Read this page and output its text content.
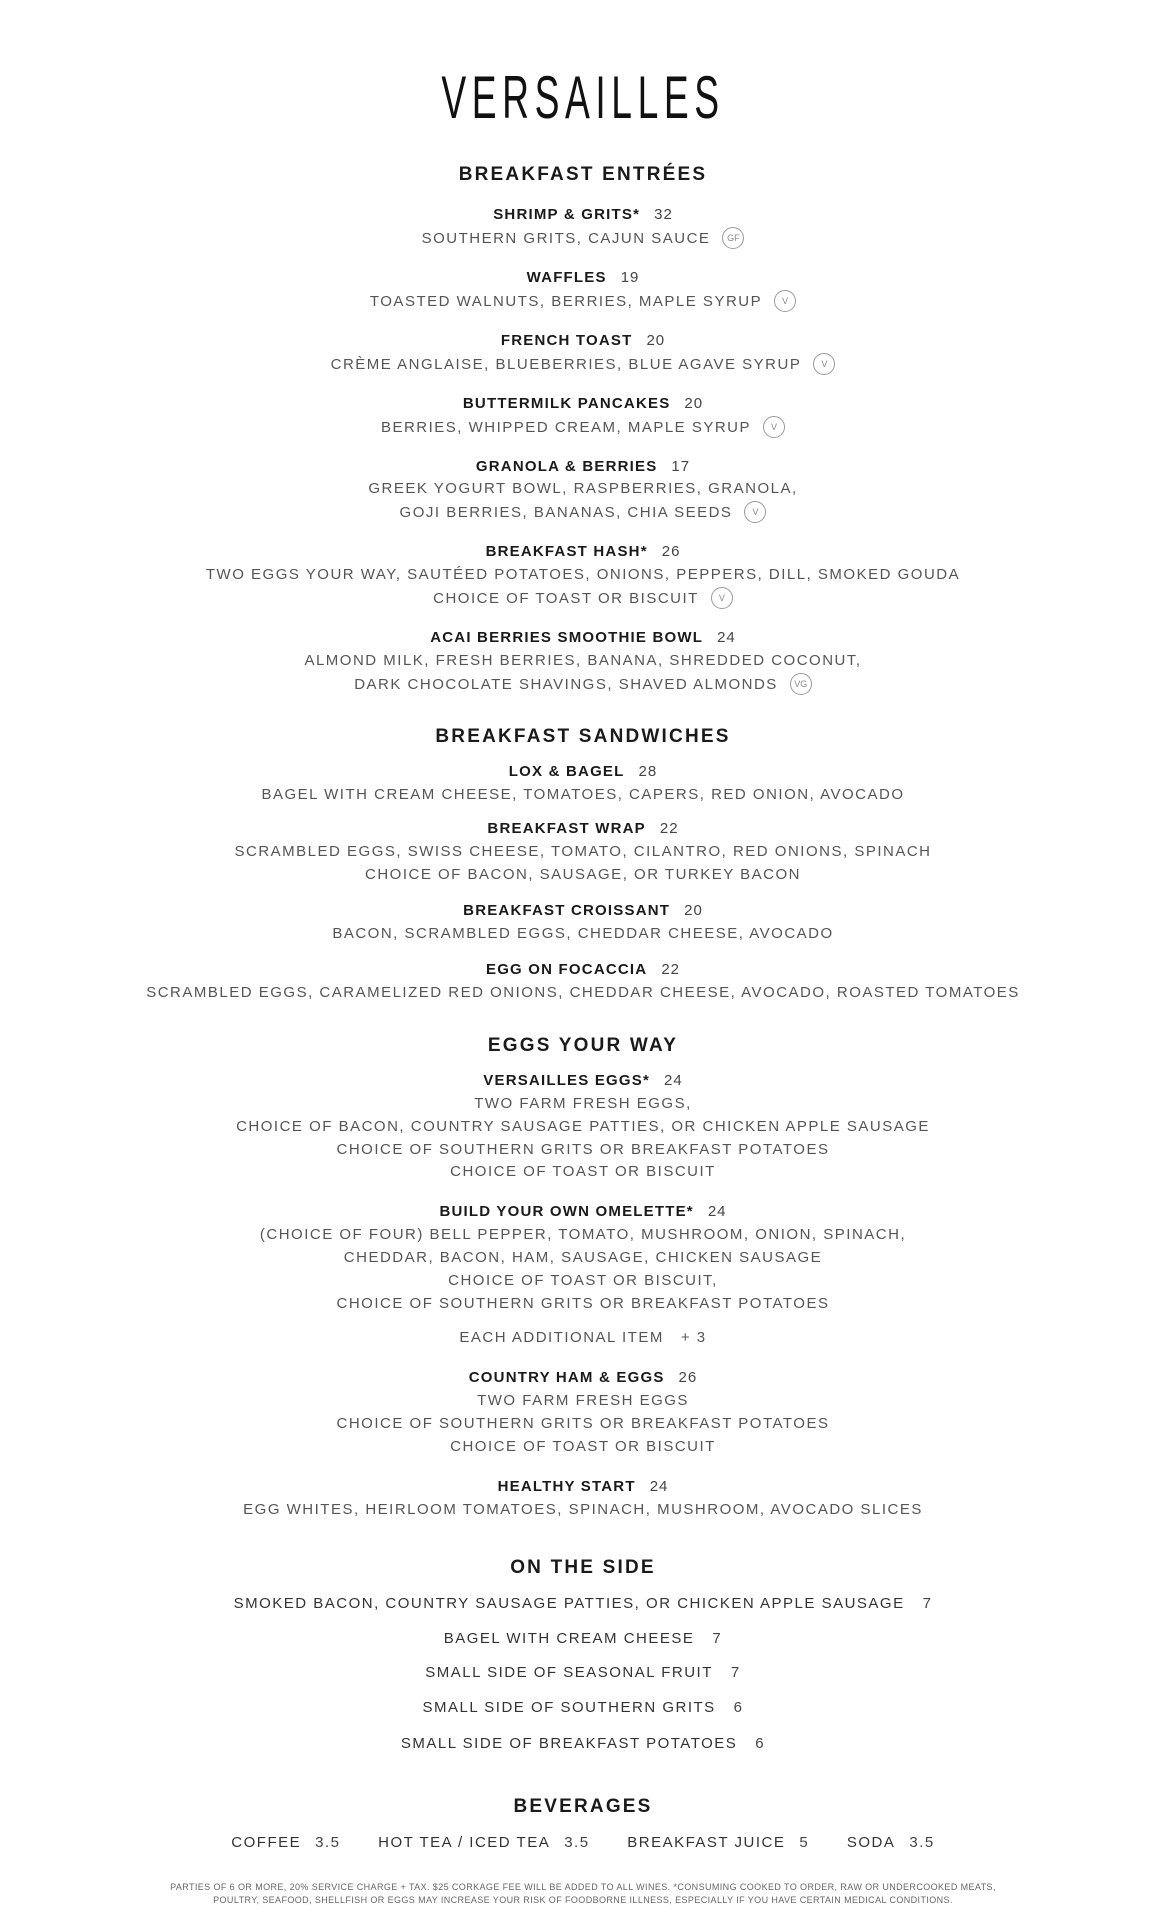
VERSAILLES
BREAKFAST ENTRÉES
SHRIMP & GRITS* 32
SOUTHERN GRITS, CAJUN SAUCE GF
WAFFLES 19
TOASTED WALNUTS, BERRIES, MAPLE SYRUP V
FRENCH TOAST 20
CRÈME ANGLAISE, BLUEBERRIES, BLUE AGAVE SYRUP V
BUTTERMILK PANCAKES 20
BERRIES, WHIPPED CREAM, MAPLE SYRUP V
GRANOLA & BERRIES 17
GREEK YOGURT BOWL, RASPBERRIES, GRANOLA,
GOJI BERRIES, BANANAS, CHIA SEEDS V
BREAKFAST HASH* 26
TWO EGGS YOUR WAY, SAUTÉED POTATOES, ONIONS, PEPPERS, DILL, SMOKED GOUDA
CHOICE OF TOAST OR BISCUIT V
ACAI BERRIES SMOOTHIE BOWL 24
ALMOND MILK, FRESH BERRIES, BANANA, SHREDDED COCONUT,
DARK CHOCOLATE SHAVINGS, SHAVED ALMONDS VG
BREAKFAST SANDWICHES
LOX & BAGEL 28
BAGEL WITH CREAM CHEESE, TOMATOES, CAPERS, RED ONION, AVOCADO
BREAKFAST WRAP 22
SCRAMBLED EGGS, SWISS CHEESE, TOMATO, CILANTRO, RED ONIONS, SPINACH
CHOICE OF BACON, SAUSAGE, OR TURKEY BACON
BREAKFAST CROISSANT 20
BACON, SCRAMBLED EGGS, CHEDDAR CHEESE, AVOCADO
EGG ON FOCACCIA 22
SCRAMBLED EGGS, CARAMELIZED RED ONIONS, CHEDDAR CHEESE, AVOCADO, ROASTED TOMATOES
EGGS YOUR WAY
VERSAILLES EGGS* 24
TWO FARM FRESH EGGS,
CHOICE OF BACON, COUNTRY SAUSAGE PATTIES, OR CHICKEN APPLE SAUSAGE
CHOICE OF SOUTHERN GRITS OR BREAKFAST POTATOES
CHOICE OF TOAST OR BISCUIT
BUILD YOUR OWN OMELETTE* 24
(CHOICE OF FOUR) BELL PEPPER, TOMATO, MUSHROOM, ONION, SPINACH,
CHEDDAR, BACON, HAM, SAUSAGE, CHICKEN SAUSAGE
CHOICE OF TOAST OR BISCUIT,
CHOICE OF SOUTHERN GRITS OR BREAKFAST POTATOES
EACH ADDITIONAL ITEM   + 3
COUNTRY HAM & EGGS 26
TWO FARM FRESH EGGS
CHOICE OF SOUTHERN GRITS OR BREAKFAST POTATOES
CHOICE OF TOAST OR BISCUIT
HEALTHY START 24
EGG WHITES, HEIRLOOM TOMATOES, SPINACH, MUSHROOM, AVOCADO SLICES
ON THE SIDE
SMOKED BACON, COUNTRY SAUSAGE PATTIES, OR CHICKEN APPLE SAUSAGE 7
BAGEL WITH CREAM CHEESE 7
SMALL SIDE OF SEASONAL FRUIT 7
SMALL SIDE OF SOUTHERN GRITS 6
SMALL SIDE OF BREAKFAST POTATOES 6
BEVERAGES
COFFEE 3.5	HOT TEA / ICED TEA 3.5	BREAKFAST JUICE 5	SODA 3.5
PARTIES OF 6 OR MORE, 20% SERVICE CHARGE + TAX. $25 CORKAGE FEE WILL BE ADDED TO ALL WINES. *CONSUMING COOKED TO ORDER, RAW OR UNDERCOOKED MEATS,
POULTRY, SEAFOOD, SHELLFISH OR EGGS MAY INCREASE YOUR RISK OF FOODBORNE ILLNESS, ESPECIALLY IF YOU HAVE CERTAIN MEDICAL CONDITIONS.
